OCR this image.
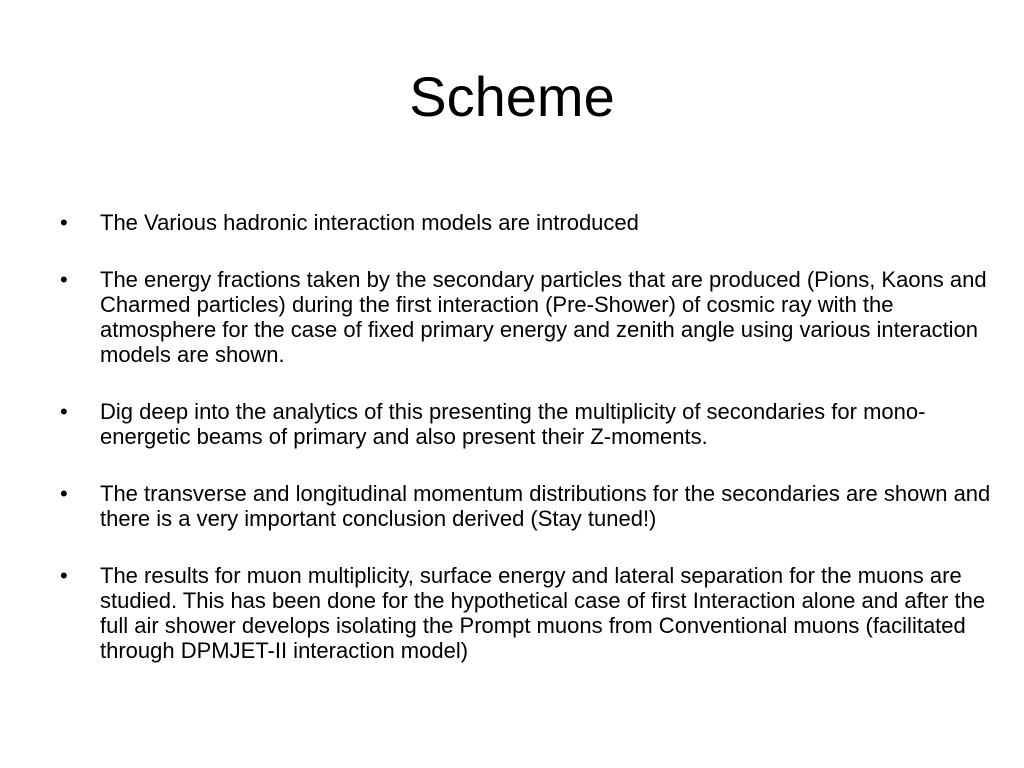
Scheme
•	The Various hadronic interaction models are introduced
•	The energy fractions taken by the secondary particles that are produced (Pions, Kaons and Charmed particles) during the first interaction (Pre-Shower) of cosmic ray with the atmosphere for the case of fixed primary energy and zenith angle using various interaction models are shown.
•	Dig deep into the analytics of this presenting the multiplicity of secondaries for mono-energetic beams of primary and also present their Z-moments.
•	The transverse and longitudinal momentum distributions for the secondaries are shown and there is a very important conclusion derived (Stay tuned!)
•	The results for muon multiplicity, surface energy and lateral separation for the muons are studied. This has been done for the hypothetical case of first Interaction alone and after the full air shower develops isolating the Prompt muons from Conventional muons (facilitated through DPMJET-II interaction model)
